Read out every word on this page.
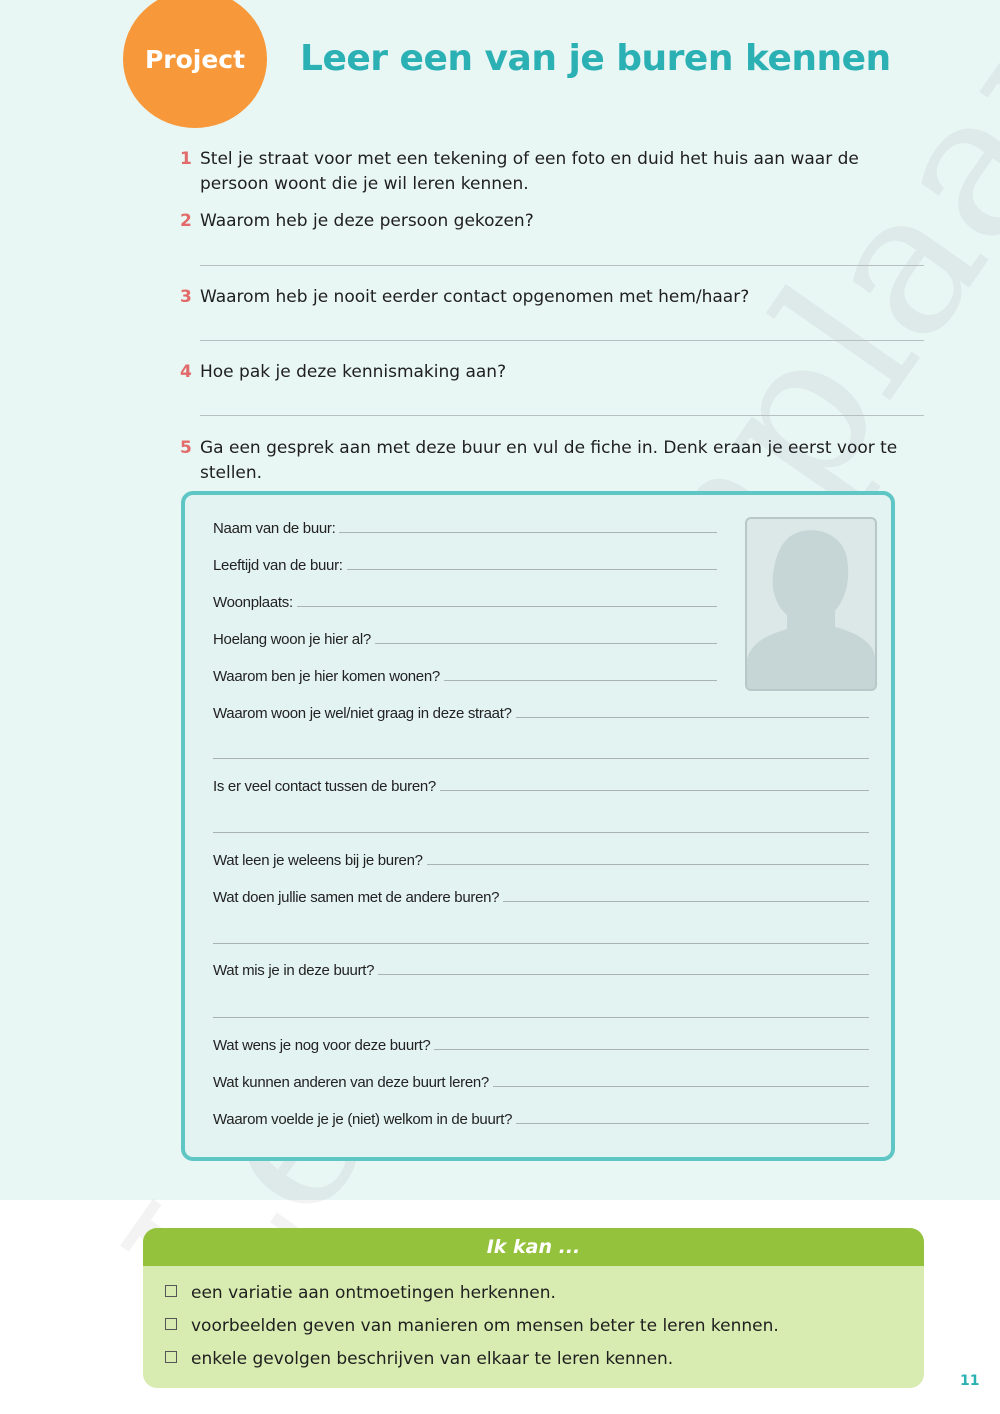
Project	Leer een van je buren kennen
1 Stel je straat voor met een tekening of een foto en duid het huis aan waar de persoon woont die je wil leren kennen.
2 Waarom heb je deze persoon gekozen?
3 Waarom heb je nooit eerder contact opgenomen met hem/haar?
4 Hoe pak je deze kennismaking aan?
5 Ga een gesprek aan met deze buur en vul de fiche in. Denk eraan je eerst voor te stellen.
Naam van de buur:
Leeftijd van de buur:
Woonplaats:
Hoelang woon je hier al?
Waarom ben je hier komen wonen?
Waarom woon je wel/niet graag in deze straat?
Is er veel contact tussen de buren?
Wat leen je weleens bij je buren?
Wat doen jullie samen met de andere buren?
Wat mis je in deze buurt?
Wat wens je nog voor deze buurt?
Wat kunnen anderen van deze buurt leren?
Waarom voelde je je (niet) welkom in de buurt?
Ik kan ...
een variatie aan ontmoetingen herkennen.
voorbeelden geven van manieren om mensen beter te leren kennen.
enkele gevolgen beschrijven van elkaar te leren kennen.
11
